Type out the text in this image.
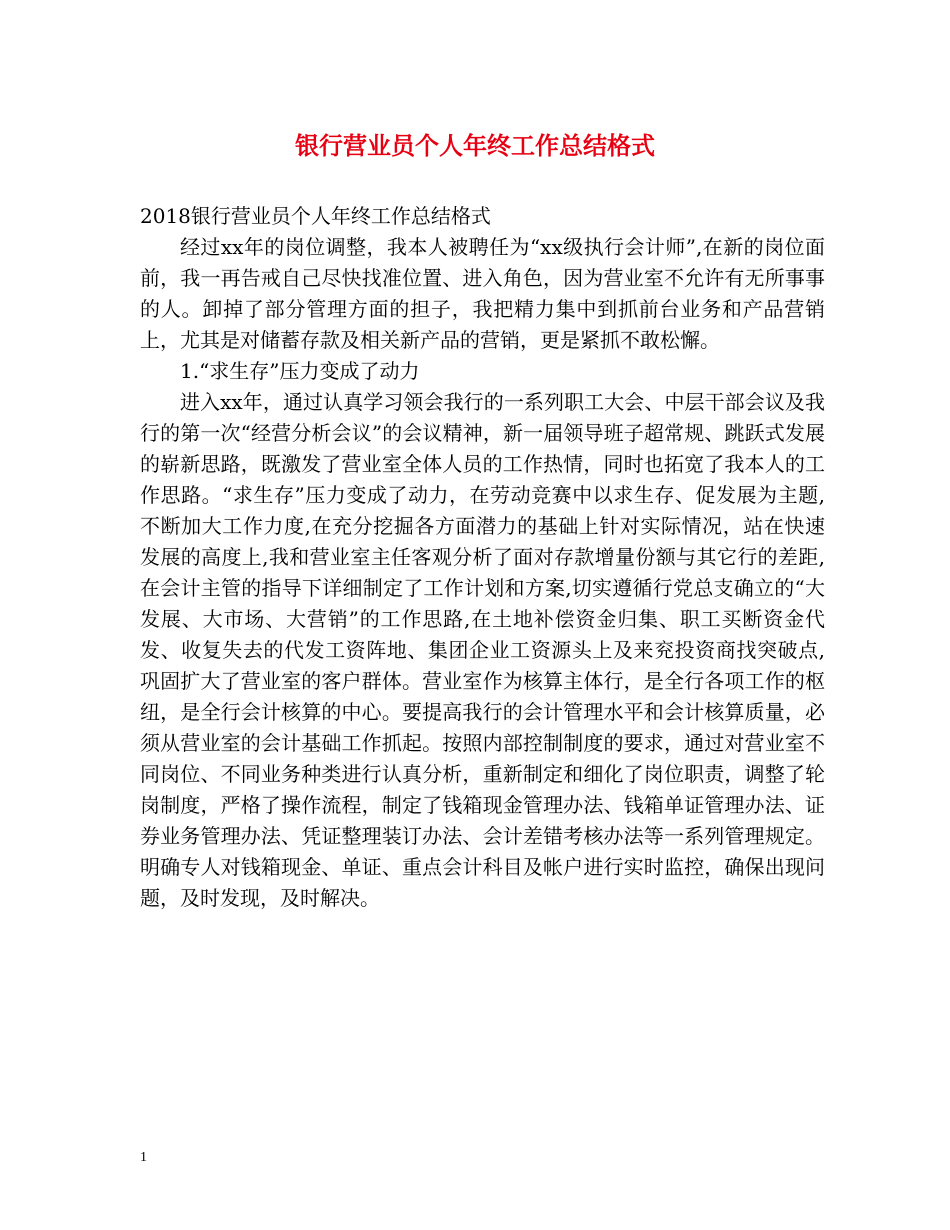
银行营业员个人年终工作总结格式

2018银行营业员个人年终工作总结格式

经过xx年的岗位调整，我本人被聘任为“xx级执行会计师”,在新的岗位面前，我一再告戒自己尽快找准位置、进入角色，因为营业室不允许有无所事事的人。卸掉了部分管理方面的担子，我把精力集中到抓前台业务和产品营销上，尤其是对储蓄存款及相关新产品的营销，更是紧抓不敢松懈。

1.“求生存”压力变成了动力

进入xx年，通过认真学习领会我行的一系列职工大会、中层干部会议及我行的第一次“经营分析会议”的会议精神，新一届领导班子超常规、跳跃式发展的崭新思路，既激发了营业室全体人员的工作热情，同时也拓宽了我本人的工作思路。“求生存”压力变成了动力，在劳动竞赛中以求生存、促发展为主题,不断加大工作力度,在充分挖掘各方面潜力的基础上针对实际情况，站在快速发展的高度上,我和营业室主任客观分析了面对存款增量份额与其它行的差距,在会计主管的指导下详细制定了工作计划和方案,切实遵循行党总支确立的“大发展、大市场、大营销”的工作思路,在土地补偿资金归集、职工买断资金代发、收复失去的代发工资阵地、集团企业工资源头上及来兖投资商找突破点,巩固扩大了营业室的客户群体。营业室作为核算主体行，是全行各项工作的枢纽，是全行会计核算的中心。要提高我行的会计管理水平和会计核算质量，必须从营业室的会计基础工作抓起。按照内部控制制度的要求，通过对营业室不同岗位、不同业务种类进行认真分析，重新制定和细化了岗位职责，调整了轮岗制度，严格了操作流程，制定了钱箱现金管理办法、钱箱单证管理办法、证券业务管理办法、凭证整理装订办法、会计差错考核办法等一系列管理规定。明确专人对钱箱现金、单证、重点会计科目及帐户进行实时监控，确保出现问题，及时发现，及时解决。

1
